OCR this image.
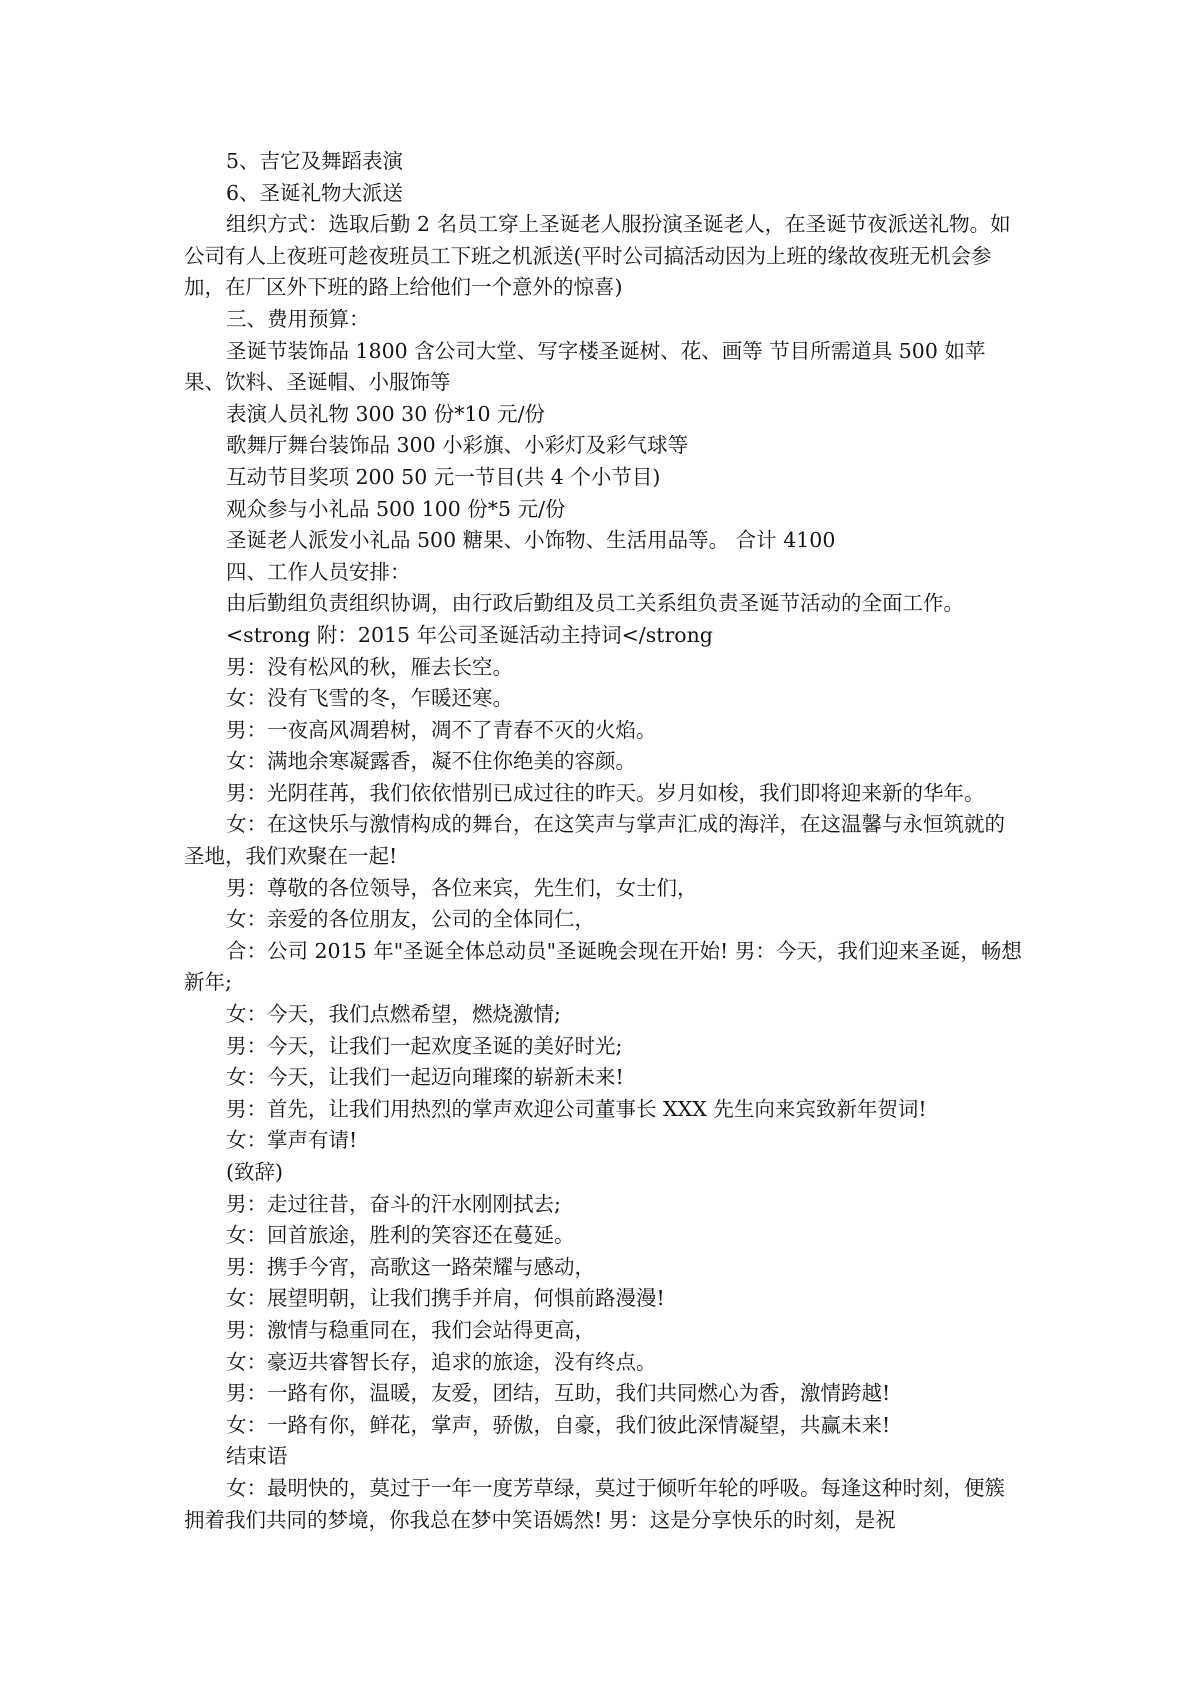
5、吉它及舞蹈表演

6、圣诞礼物大派送

组织方式：选取后勤 2 名员工穿上圣诞老人服扮演圣诞老人，在圣诞节夜派送礼物。如公司有人上夜班可趁夜班员工下班之机派送(平时公司搞活动因为上班的缘故夜班无机会参加，在厂区外下班的路上给他们一个意外的惊喜)

三、费用预算：

圣诞节装饰品 1800 含公司大堂、写字楼圣诞树、花、画等 节目所需道具 500 如苹果、饮料、圣诞帽、小服饰等

表演人员礼物 300 30 份*10 元/份

歌舞厅舞台装饰品 300 小彩旗、小彩灯及彩气球等

互动节目奖项 200 50 元一节目(共 4 个小节目)

观众参与小礼品 500 100 份*5 元/份

圣诞老人派发小礼品 500 糖果、小饰物、生活用品等。 合计 4100

四、工作人员安排：

由后勤组负责组织协调，由行政后勤组及员工关系组负责圣诞节活动的全面工作。

<strong 附：2015 年公司圣诞活动主持词</strong

男：没有松风的秋，雁去长空。

女：没有飞雪的冬，乍暖还寒。

男：一夜高风凋碧树，凋不了青春不灭的火焰。

女：满地余寒凝露香，凝不住你绝美的容颜。

男：光阴荏苒，我们依依惜别已成过往的昨天。岁月如梭，我们即将迎来新的华年。

女：在这快乐与激情构成的舞台，在这笑声与掌声汇成的海洋，在这温馨与永恒筑就的圣地，我们欢聚在一起!

男：尊敬的各位领导，各位来宾，先生们，女士们，

女：亲爱的各位朋友，公司的全体同仁，

合：公司 2015 年"圣诞全体总动员"圣诞晚会现在开始! 男：今天，我们迎来圣诞，畅想新年;

女：今天，我们点燃希望，燃烧激情;

男：今天，让我们一起欢度圣诞的美好时光;

女：今天，让我们一起迈向璀璨的崭新未来!

男：首先，让我们用热烈的掌声欢迎公司董事长 XXX 先生向来宾致新年贺词!

女：掌声有请!

(致辞)

男：走过往昔，奋斗的汗水刚刚拭去;

女：回首旅途，胜利的笑容还在蔓延。

男：携手今宵，高歌这一路荣耀与感动，

女：展望明朝，让我们携手并肩，何惧前路漫漫!

男：激情与稳重同在，我们会站得更高，

女：豪迈共睿智长存，追求的旅途，没有终点。

男：一路有你，温暖，友爱，团结，互助，我们共同燃心为香，激情跨越!

女：一路有你，鲜花，掌声，骄傲，自豪，我们彼此深情凝望，共赢未来!

结束语

女：最明快的，莫过于一年一度芳草绿，莫过于倾听年轮的呼吸。每逢这种时刻，便簇拥着我们共同的梦境，你我总在梦中笑语嫣然! 男：这是分享快乐的时刻，是祝
